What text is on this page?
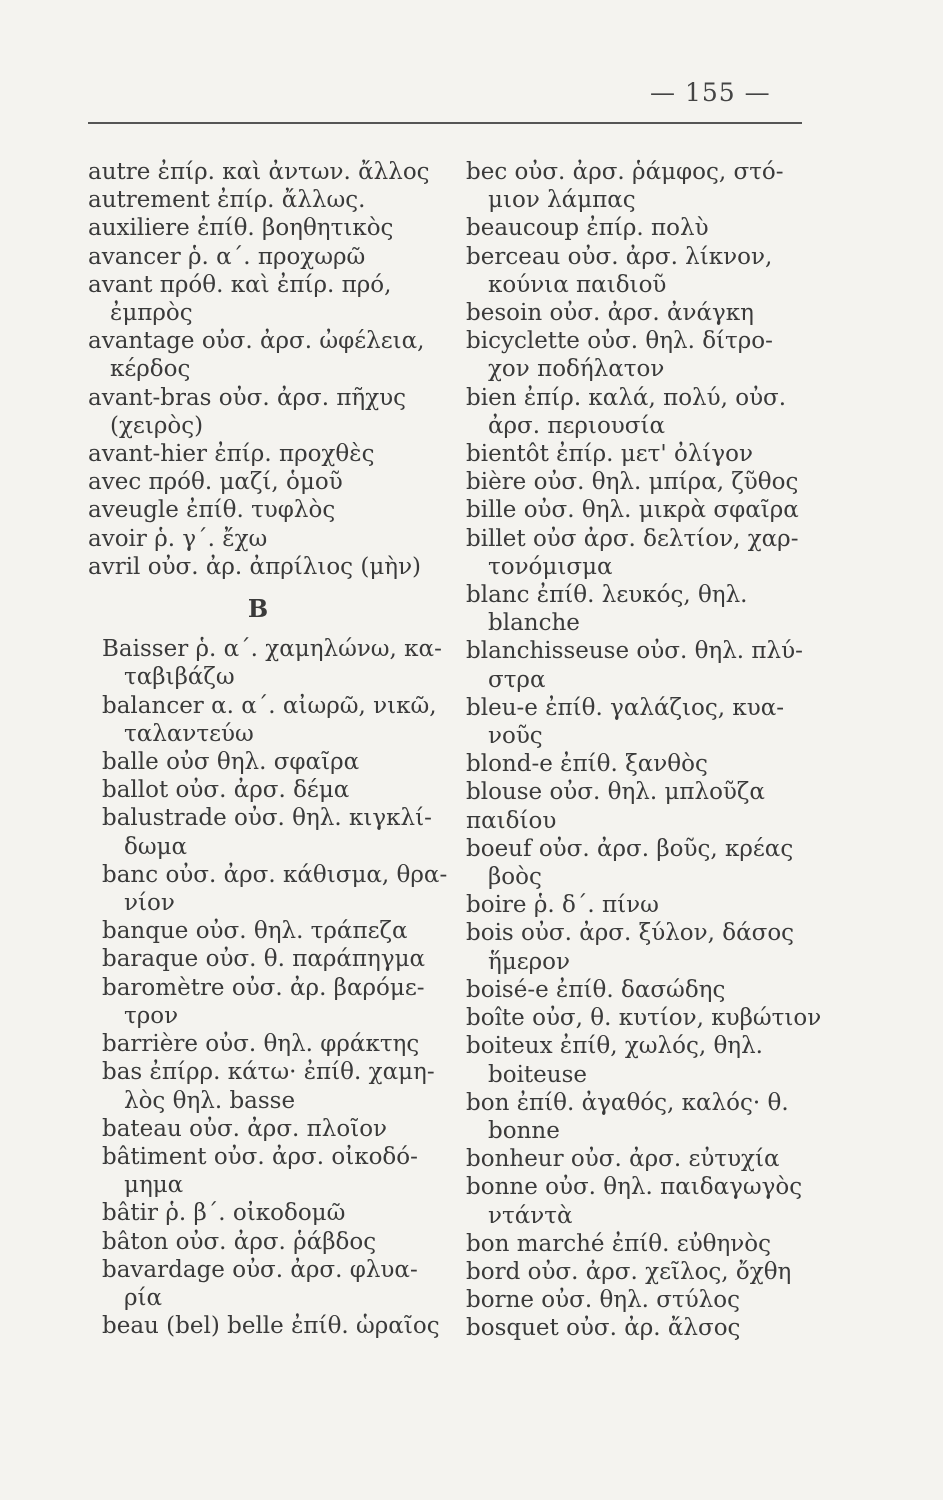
— 155 —
autre ἐπίρ. καὶ ἀντων. ἄλλος
autrement ἐπίρ. ἄλλως.
auxiliere ἐπίθ. βοηθητικὸς
avancer ῥ. α΄. προχωρῶ
avant πρόθ. καὶ ἐπίρ. πρό,
ἐμπρὸς
avantage οὐσ. ἀρσ. ὠφέλεια,
κέρδος
avant-bras οὐσ. ἀρσ. πῆχυς
(χειρὸς)
avant-hier ἐπίρ. προχθὲς
avec πρόθ. μαζί, ὁμοῦ
aveugle ἐπίθ. τυφλὸς
avoir ῥ. γ΄. ἔχω
avril οὐσ. ἀρ. ἀπρίλιος (μὴν)
B
Baisser ῥ. α΄. χαμηλώνω, κα-
ταβιβάζω
balancer α. α΄. αἰωρῶ, νικῶ,
ταλαντεύω
balle οὐσ θηλ. σφαῖρα
ballot οὐσ. ἀρσ. δέμα
balustrade οὐσ. θηλ. κιγκλί-
δωμα
banc οὐσ. ἀρσ. κάθισμα, θρα-
νίον
banque οὐσ. θηλ. τράπεζα
baraque οὐσ. θ. παράπηγμα
baromètre οὐσ. ἀρ. βαρόμε-
τρον
barrière οὐσ. θηλ. φράκτης
bas ἐπίρρ. κάτω· ἐπίθ. χαμη-
λὸς θηλ. basse
bateau οὐσ. ἀρσ. πλοῖον
bâtiment οὐσ. ἀρσ. οἰκοδό-
μημα
bâtir ῥ. β΄. οἰκοδομῶ
bâton οὐσ. ἀρσ. ῥάβδος
bavardage οὐσ. ἀρσ. φλυα-
ρία
beau (bel) belle ἐπίθ. ὡραῖος
bec οὐσ. ἀρσ. ῥάμφος, στό-
μιον λάμπας
beaucoup ἐπίρ. πολὺ
berceau οὐσ. ἀρσ. λίκνον,
κούνια παιδιοῦ
besoin οὐσ. ἀρσ. ἀνάγκη
bicyclette οὐσ. θηλ. δίτρο-
χον ποδήλατον
bien ἐπίρ. καλά, πολύ, οὐσ.
ἀρσ. περιουσία
bientôt ἐπίρ. μετ' ὀλίγον
bière οὐσ. θηλ. μπίρα, ζῦθος
bille οὐσ. θηλ. μικρὰ σφαῖρα
billet οὐσ ἀρσ. δελτίον, χαρ-
τονόμισμα
blanc ἐπίθ. λευκός, θηλ.
blanche
blanchisseuse οὐσ. θηλ. πλύ-
στρα
bleu-e ἐπίθ. γαλάζιος, κυα-
νοῦς
blond-e ἐπίθ. ξανθὸς
blouse οὐσ. θηλ. μπλοῦζα
παιδίου
boeuf οὐσ. ἀρσ. βοῦς, κρέας
βοὸς
boire ῥ. δ΄. πίνω
bois οὐσ. ἀρσ. ξύλον, δάσος
ἥμερον
boisé-e ἐπίθ. δασώδης
boîte οὐσ, θ. κυτίον, κυβώτιον
boiteux ἐπίθ, χωλός, θηλ.
boiteuse
bon ἐπίθ. ἀγαθός, καλός· θ.
bonne
bonheur οὐσ. ἀρσ. εὐτυχία
bonne οὐσ. θηλ. παιδαγωγὸς
ντάντὰ
bon marché ἐπίθ. εὐθηνὸς
bord οὐσ. ἀρσ. χεῖλος, ὄχθη
borne οὐσ. θηλ. στύλος
bosquet οὐσ. ἀρ. ἄλσος
